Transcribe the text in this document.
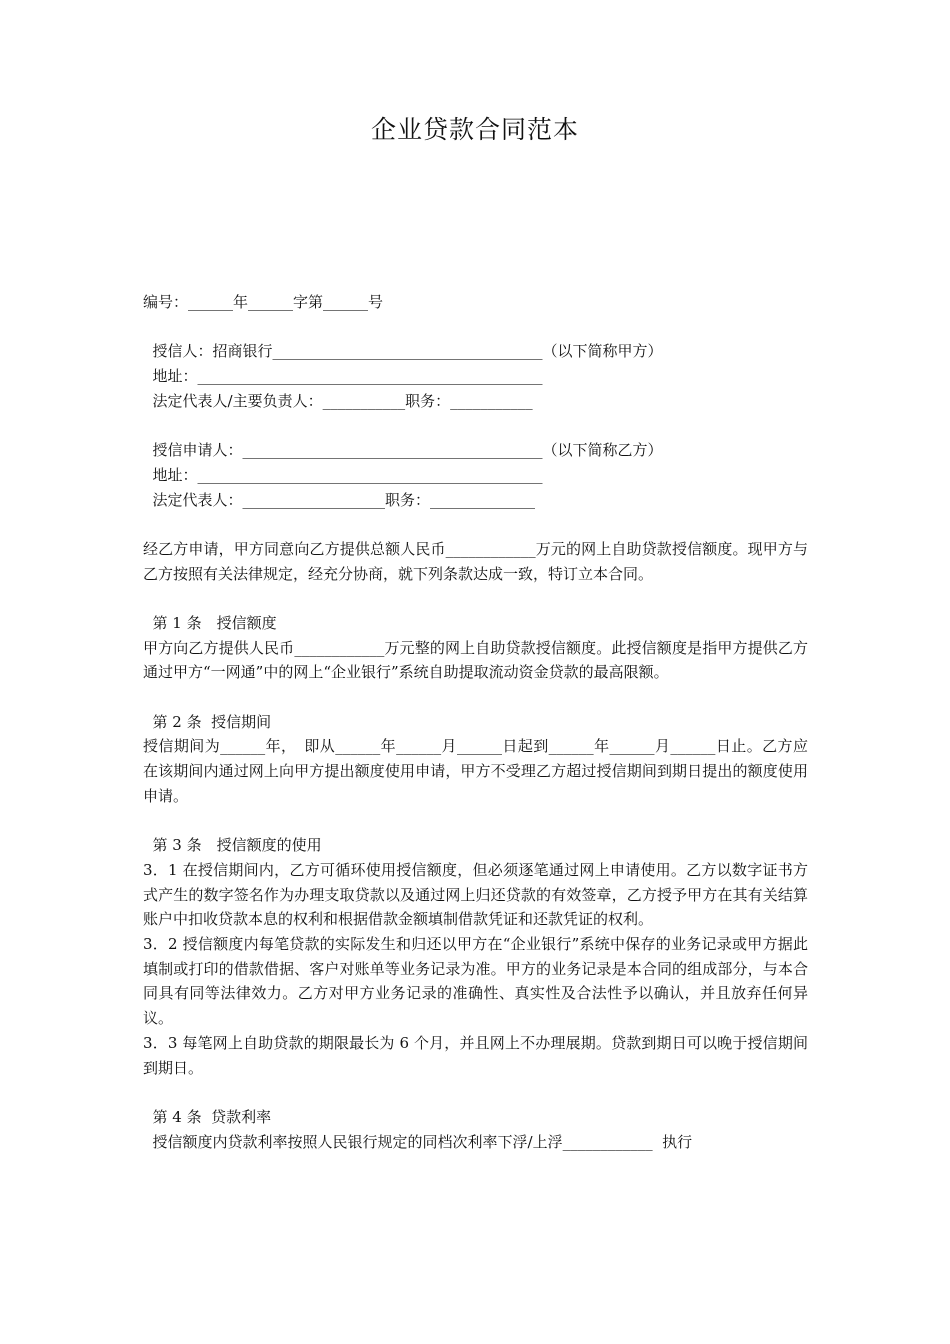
企业贷款合同范本
编号：______年______字第______号
授信人：招商银行____________________________________（以下简称甲方）
地址：______________________________________________
法定代表人/主要负责人：___________职务：___________
授信申请人：________________________________________（以下简称乙方）
地址：______________________________________________
法定代表人：___________________职务：______________
经乙方申请，甲方同意向乙方提供总额人民币____________万元的网上自助贷款授信额度。现甲方与乙方按照有关法律规定，经充分协商，就下列条款达成一致，特订立本合同。
第 1 条　授信额度
甲方向乙方提供人民币____________万元整的网上自助贷款授信额度。此授信额度是指甲方提供乙方通过甲方“一网通”中的网上“企业银行”系统自助提取流动资金贷款的最高限额。
第 2 条  授信期间
授信期间为______年，　即从______年______月______日起到______年______月______日止。乙方应在该期间内通过网上向甲方提出额度使用申请，甲方不受理乙方超过授信期间到期日提出的额度使用申请。
第 3 条　授信额度的使用
3．1 在授信期间内，乙方可循环使用授信额度，但必须逐笔通过网上申请使用。乙方以数字证书方式产生的数字签名作为办理支取贷款以及通过网上归还贷款的有效签章，乙方授予甲方在其有关结算账户中扣收贷款本息的权利和根据借款金额填制借款凭证和还款凭证的权利。
3．2 授信额度内每笔贷款的实际发生和归还以甲方在“企业银行”系统中保存的业务记录或甲方据此填制或打印的借款借据、客户对账单等业务记录为准。甲方的业务记录是本合同的组成部分，与本合同具有同等法律效力。乙方对甲方业务记录的准确性、真实性及合法性予以确认，并且放弃任何异议。
3．3 每笔网上自助贷款的期限最长为 6 个月，并且网上不办理展期。贷款到期日可以晚于授信期间到期日。
第 4 条  贷款利率
授信额度内贷款利率按照人民银行规定的同档次利率下浮/上浮____________  执行
